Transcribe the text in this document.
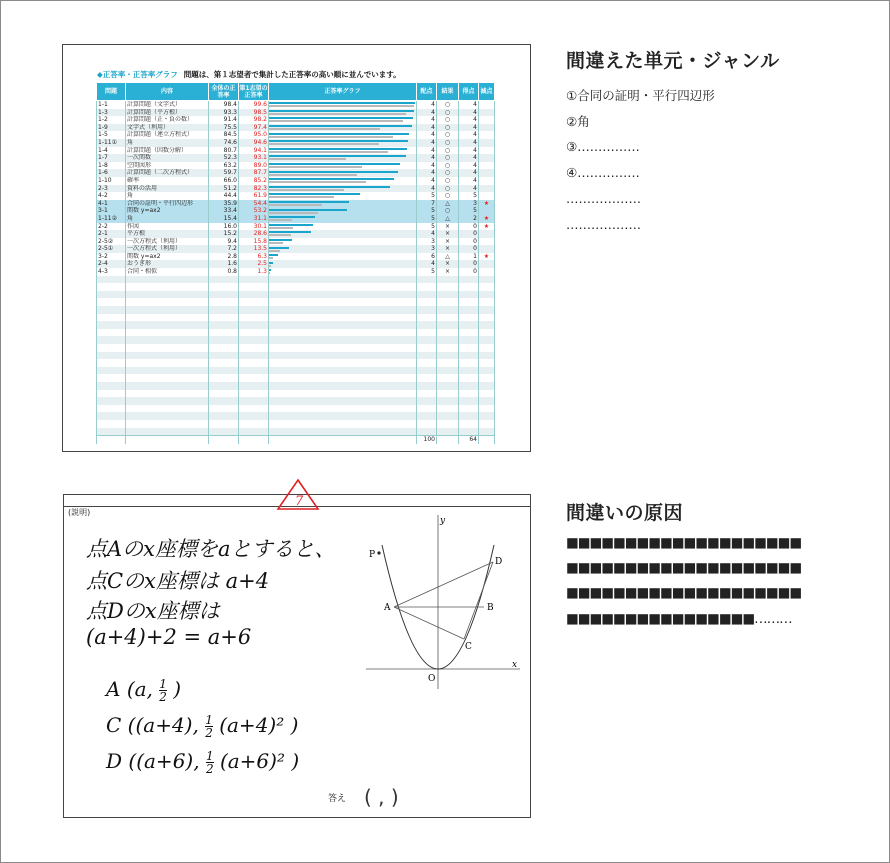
◆正答率・正答率グラフ 問題は、第１志望者で集計した正答率の高い順に並んでいます。
問題	内容	全体の正答率	第1志望の正答率	正答率グラフ	配点	結果	得点	減点
1-1	計算問題（文字式）	98.4	99.6		4	○	4	
1-3	計算問題（平方根）	93.3	98.5		4	○	4	
1-2	計算問題（正・負の数）	91.4	98.2		4	○	4	
1-9	文字式（利用）	75.5	97.4		4	○	4	
1-5	計算問題（連立方程式）	84.5	95.0		4	○	4	
1-11①	角	74.6	94.6		4	○	4	
1-4	計算問題（因数分解）	80.7	94.1		4	○	4	
1-7	一次関数	52.3	93.1		4	○	4	
1-8	空間図形	63.2	89.0		4	○	4	
1-6	計算問題（二次方程式）	59.7	87.7		4	○	4	
1-10	確率	66.0	85.2		4	○	4	
2-3	資料の活用	51.2	82.3		4	○	4	
4-2	角	44.4	61.9		5	○	5	
4-1	合同の証明・平行四辺形	35.9	54.4		7	△	3	★
3-1	関数 y=ax2	33.4	53.2		5	○	5	
1-11②	角	15.4	31.1		5	△	2	★
2-2	作図	16.0	30.1		5	×	0	★
2-1	平方根	15.2	28.6		4	×	0	
2-5②	一次方程式（利用）	9.4	15.8		3	×	0	
2-5①	一次方程式（利用）	7.2	13.5		3	×	0	
3-2	関数 y=ax2	2.8	6.3		6	△	1	★
2-4	おうぎ形	1.6	2.5		4	×	0	
4-3	合同・相似	0.8	1.3		5	×	0	

					100		64	
間違えた単元・ジャンル
①合同の証明・平行四辺形
②角
③……………
④……………
………………
………………
間違いの原因
■■■■■■■■■■■■■■■■■■■■
■■■■■■■■■■■■■■■■■■■■
■■■■■■■■■■■■■■■■■■■■
■■■■■■■■■■■■■■■■………
(説明)
点Aのx座標をaとすると、
点Cのx座標は a+4
点Dのx座標は
(a+4)+2 = a+6
A (a, $\frac{1}{2}$ )
C ((a+4), $\frac{1}{2} (a+4)^2$ )
D ((a+6), $\frac{1}{2} (a+6)^2$ )
y
x
O
P
A	B
C
D
答え ( , )
7
